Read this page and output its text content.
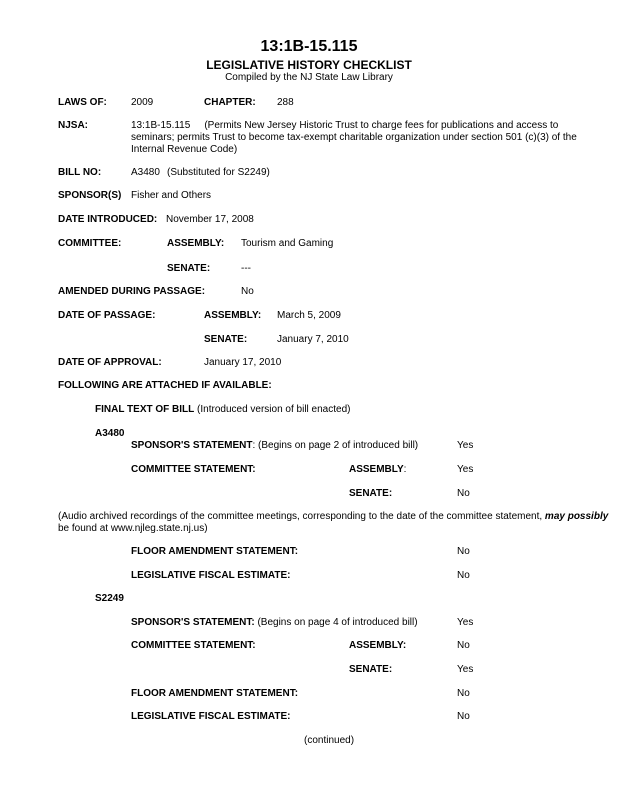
13:1B-15.115
LEGISLATIVE HISTORY CHECKLIST
Compiled by the NJ State Law Library
LAWS OF: 2009	CHAPTER: 288
NJSA:	13:1B-15.115 (Permits New Jersey Historic Trust to charge fees for publications and access to seminars; permits Trust to become tax-exempt charitable organization under section 501 (c)(3) of the Internal Revenue Code)
BILL NO:	A3480 (Substituted for S2249)
SPONSOR(S) Fisher and Others
DATE INTRODUCED: November 17, 2008
COMMITTEE:	ASSEMBLY: Tourism and Gaming
SENATE:	---
AMENDED DURING PASSAGE:	No
DATE OF PASSAGE:	ASSEMBLY: March 5, 2009
SENATE:	January 7, 2010
DATE OF APPROVAL:	January 17, 2010
FOLLOWING ARE ATTACHED IF AVAILABLE:
FINAL TEXT OF BILL (Introduced version of bill enacted)
A3480
SPONSOR'S STATEMENT: (Begins on page 2 of introduced bill)	Yes
COMMITTEE STATEMENT:	ASSEMBLY:	Yes
SENATE:	No
(Audio archived recordings of the committee meetings, corresponding to the date of the committee statement, may possibly
be found at www.njleg.state.nj.us)
FLOOR AMENDMENT STATEMENT:	No
LEGISLATIVE FISCAL ESTIMATE:	No
S2249
SPONSOR'S STATEMENT: (Begins on page 4 of introduced bill)	Yes
COMMITTEE STATEMENT:	ASSEMBLY:	No
SENATE:	Yes
FLOOR AMENDMENT STATEMENT:	No
LEGISLATIVE FISCAL ESTIMATE:	No
(continued)
